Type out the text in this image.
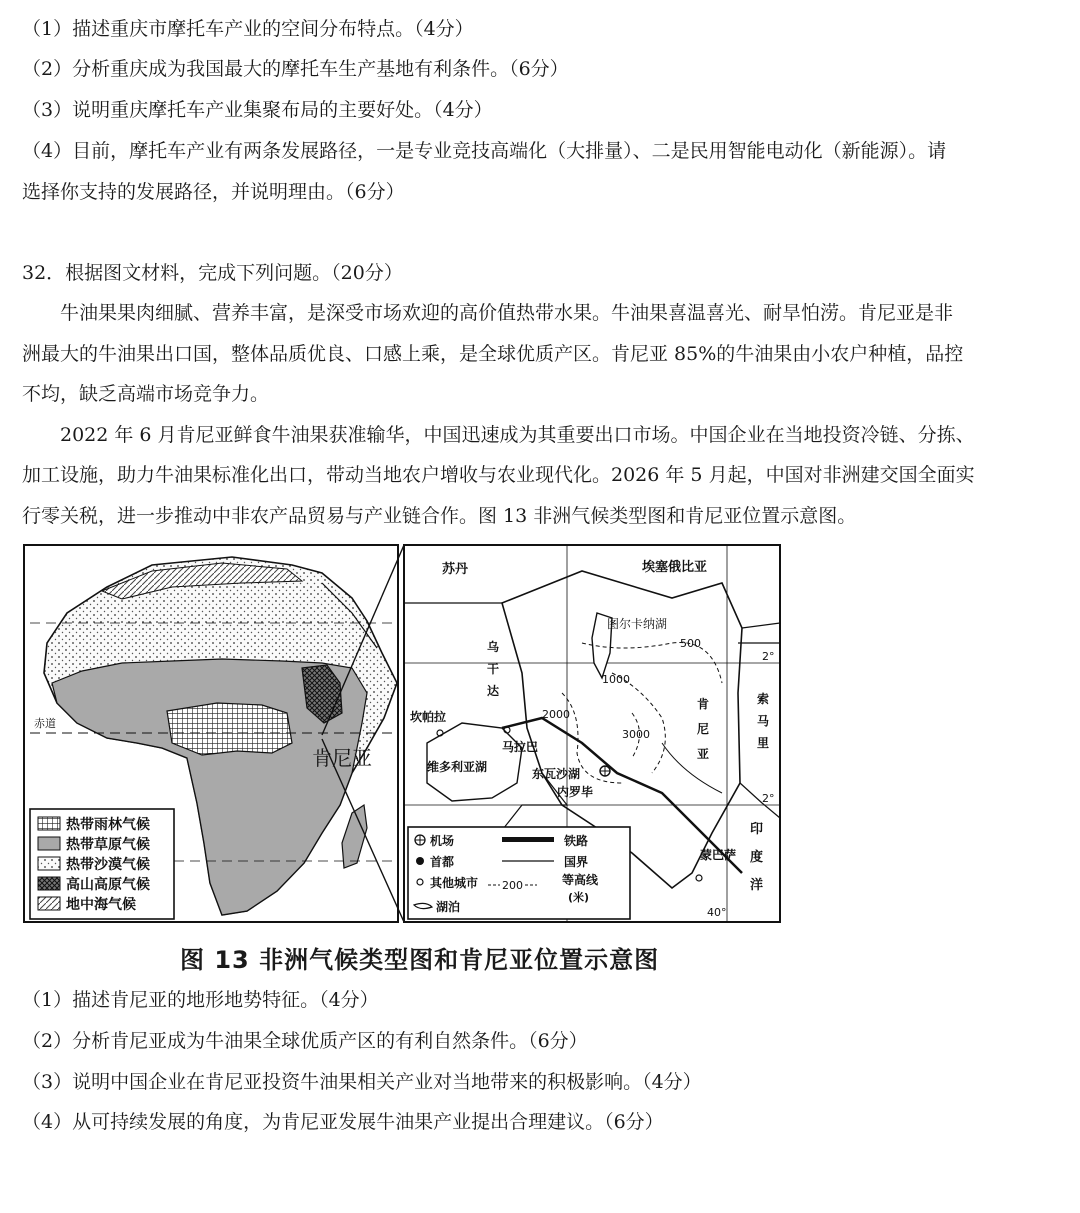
（1）描述重庆市摩托车产业的空间分布特点。（4分）
（2）分析重庆成为我国最大的摩托车生产基地有利条件。（6分）
（3）说明重庆摩托车产业集聚布局的主要好处。（4分）
（4）目前，摩托车产业有两条发展路径，一是专业竞技高端化（大排量）、二是民用智能电动化（新能源）。请
选择你支持的发展路径，并说明理由。（6分）
32．根据图文材料，完成下列问题。（20分）
牛油果果肉细腻、营养丰富，是深受市场欢迎的高价值热带水果。牛油果喜温喜光、耐旱怕涝。肯尼亚是非
洲最大的牛油果出口国，整体品质优良、口感上乘，是全球优质产区。肯尼亚 85%的牛油果由小农户种植，品控
不均，缺乏高端市场竞争力。
2022 年 6 月肯尼亚鲜食牛油果获准输华，中国迅速成为其重要出口市场。中国企业在当地投资冷链、分拣、
加工设施，助力牛油果标准化出口，带动当地农户增收与农业现代化。2026 年 5 月起，中国对非洲建交国全面实
行零关税，进一步推动中非农产品贸易与产业链合作。图 13 非洲气候类型图和肯尼亚位置示意图。
赤道
肯尼亚
热带雨林气候
热带草原气候
热带沙漠气候
高山高原气候
地中海气候
苏丹	埃塞俄比亚
乌
干
达
肯
尼
亚
索
马
里
图尔卡纳湖
维多利亚湖
坎帕拉
马拉巴
东瓦沙湖
内罗毕
蒙巴萨
500
1000
2000
3000
2°
2°
40°
印
度
洋
机场	铁路
首都	国界
其他城市 200	等高线
(米)
湖泊
图 13 非洲气候类型图和肯尼亚位置示意图
（1）描述肯尼亚的地形地势特征。（4分）
（2）分析肯尼亚成为牛油果全球优质产区的有利自然条件。（6分）
（3）说明中国企业在肯尼亚投资牛油果相关产业对当地带来的积极影响。（4分）
（4）从可持续发展的角度，为肯尼亚发展牛油果产业提出合理建议。（6分）
